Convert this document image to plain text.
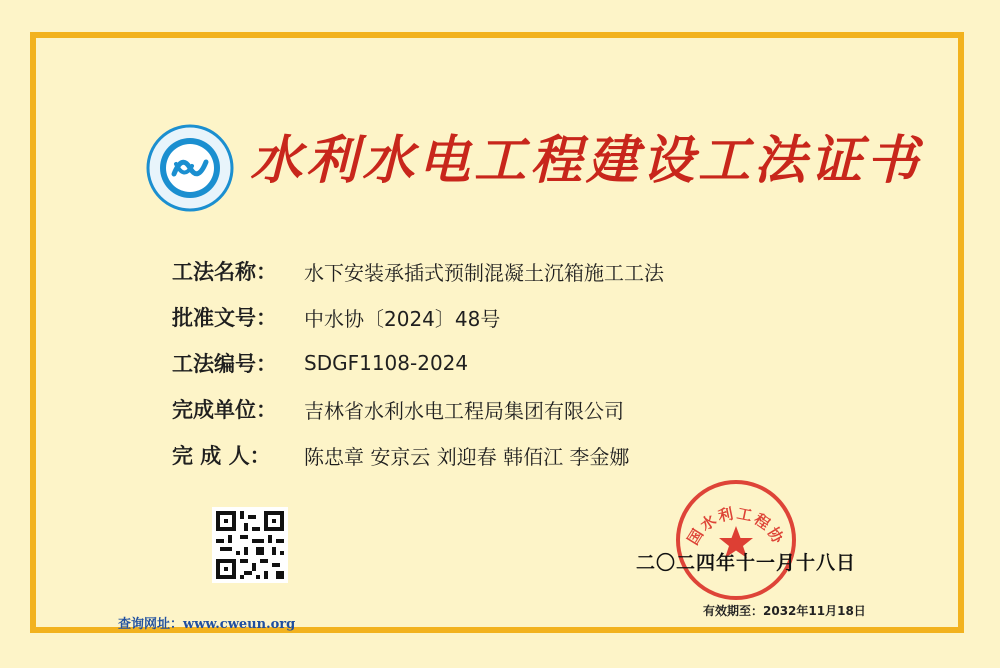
水利水电工程建设工法证书
工法名称：	水下安装承插式预制混凝土沉箱施工工法
批准文号：	中水协〔2024〕48号
工法编号：	SDGF1108-2024
完成单位：	吉林省水利水电工程局集团有限公司
完 成 人：	陈忠章 安京云 刘迎春 韩佰江 李金娜
国水利工程协
二〇二四年十一月十八日
有效期至：2032年11月18日
查询网址：www.cweun.org
